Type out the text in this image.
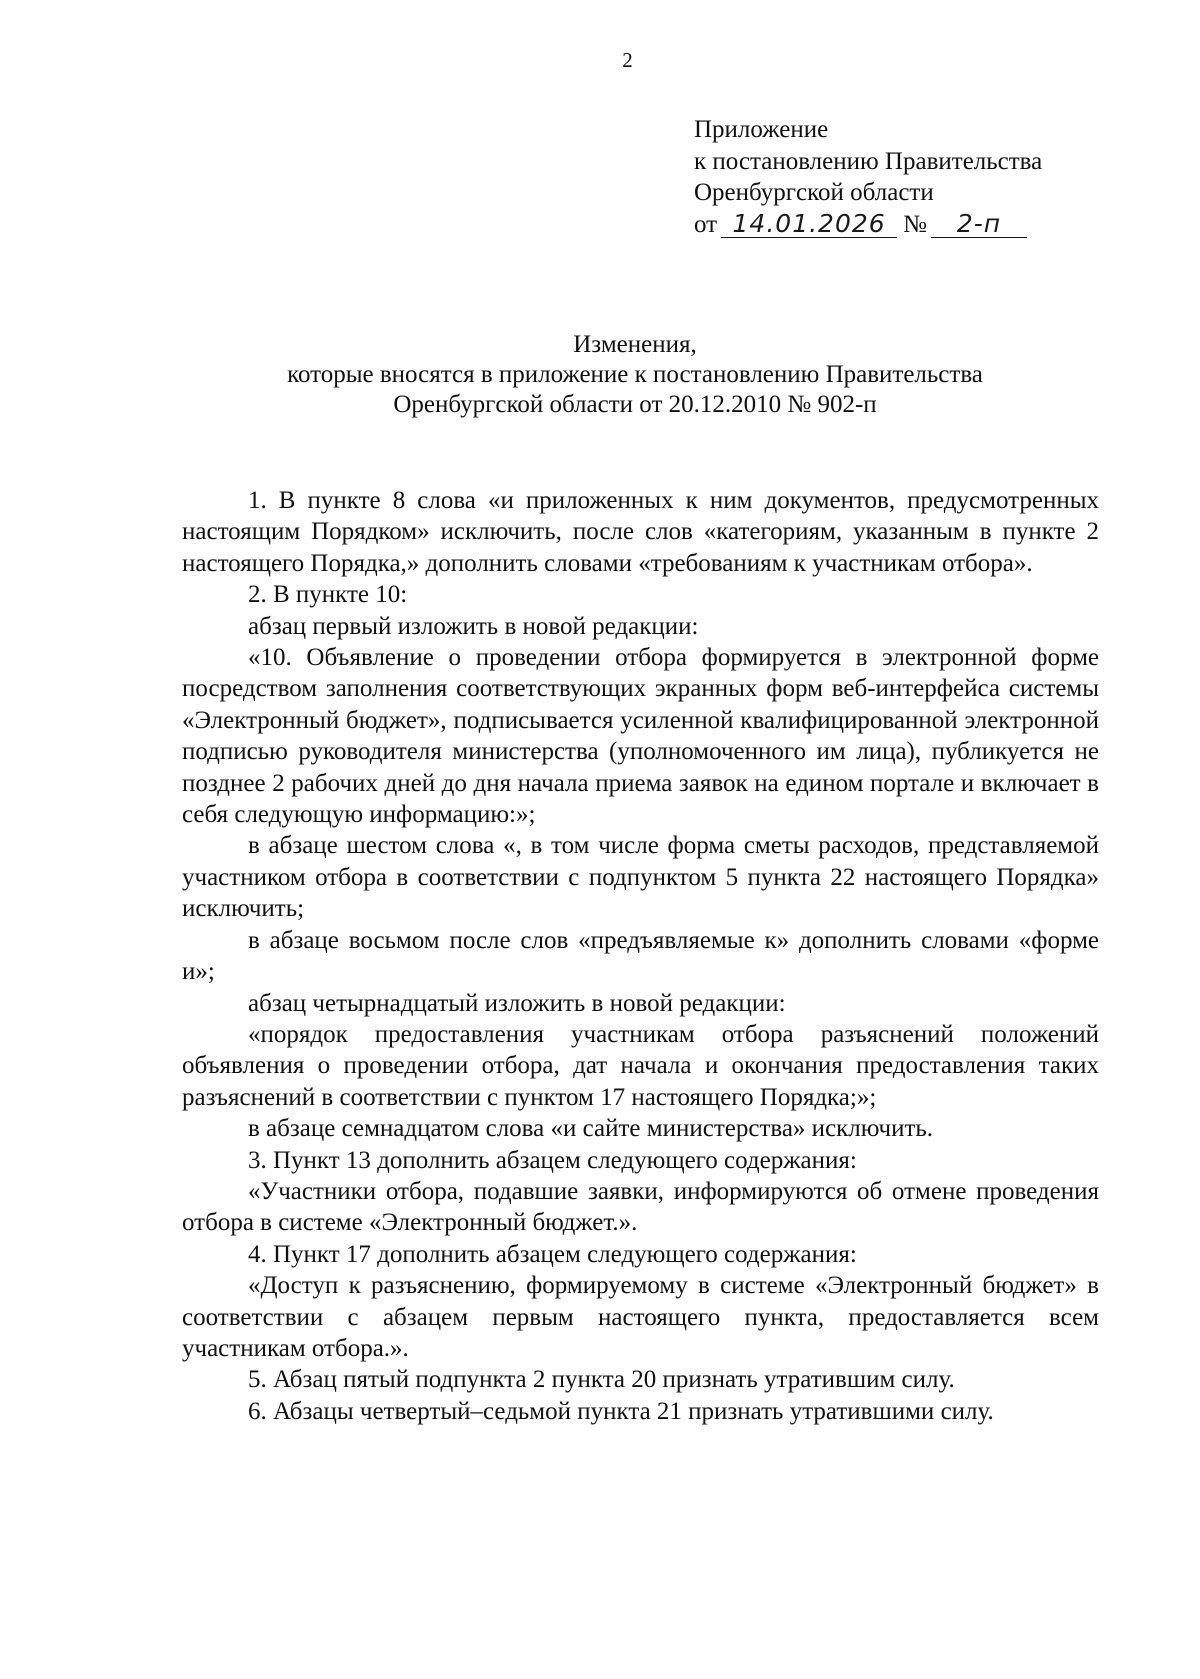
2
Приложение
к постановлению Правительства
Оренбургской области
от 14.01.2026 № 2-п
Изменения,
которые вносятся в приложение к постановлению Правительства
Оренбургской области от 20.12.2010 № 902-п

1. В пункте 8 слова «и приложенных к ним документов, предусмотренных настоящим Порядком» исключить, после слов «категориям, указанным в пункте 2 настоящего Порядка,» дополнить словами «требованиям к участникам отбора».

2. В пункте 10:

абзац первый изложить в новой редакции:

«10. Объявление о проведении отбора формируется в электронной форме посредством заполнения соответствующих экранных форм веб-интерфейса системы «Электронный бюджет», подписывается усиленной квалифицированной электронной подписью руководителя министерства (уполномоченного им лица), публикуется не позднее 2 рабочих дней до дня начала приема заявок на едином портале и включает в себя следующую информацию:»;

в абзаце шестом слова «, в том числе форма сметы расходов, представляемой участником отбора в соответствии с подпунктом 5 пункта 22 настоящего Порядка» исключить;

в абзаце восьмом после слов «предъявляемые к» дополнить словами «форме и»;

абзац четырнадцатый изложить в новой редакции:

«порядок предоставления участникам отбора разъяснений положений объявления о проведении отбора, дат начала и окончания предоставления таких разъяснений в соответствии с пунктом 17 настоящего Порядка;»;

в абзаце семнадцатом слова «и сайте министерства» исключить.

3. Пункт 13 дополнить абзацем следующего содержания:

«Участники отбора, подавшие заявки, информируются об отмене проведения отбора в системе «Электронный бюджет.».

4. Пункт 17 дополнить абзацем следующего содержания:

«Доступ к разъяснению, формируемому в системе «Электронный бюджет» в соответствии с абзацем первым настоящего пункта, предоставляется всем участникам отбора.».

5. Абзац пятый подпункта 2 пункта 20 признать утратившим силу.

6. Абзацы четвертый–седьмой пункта 21 признать утратившими силу.
